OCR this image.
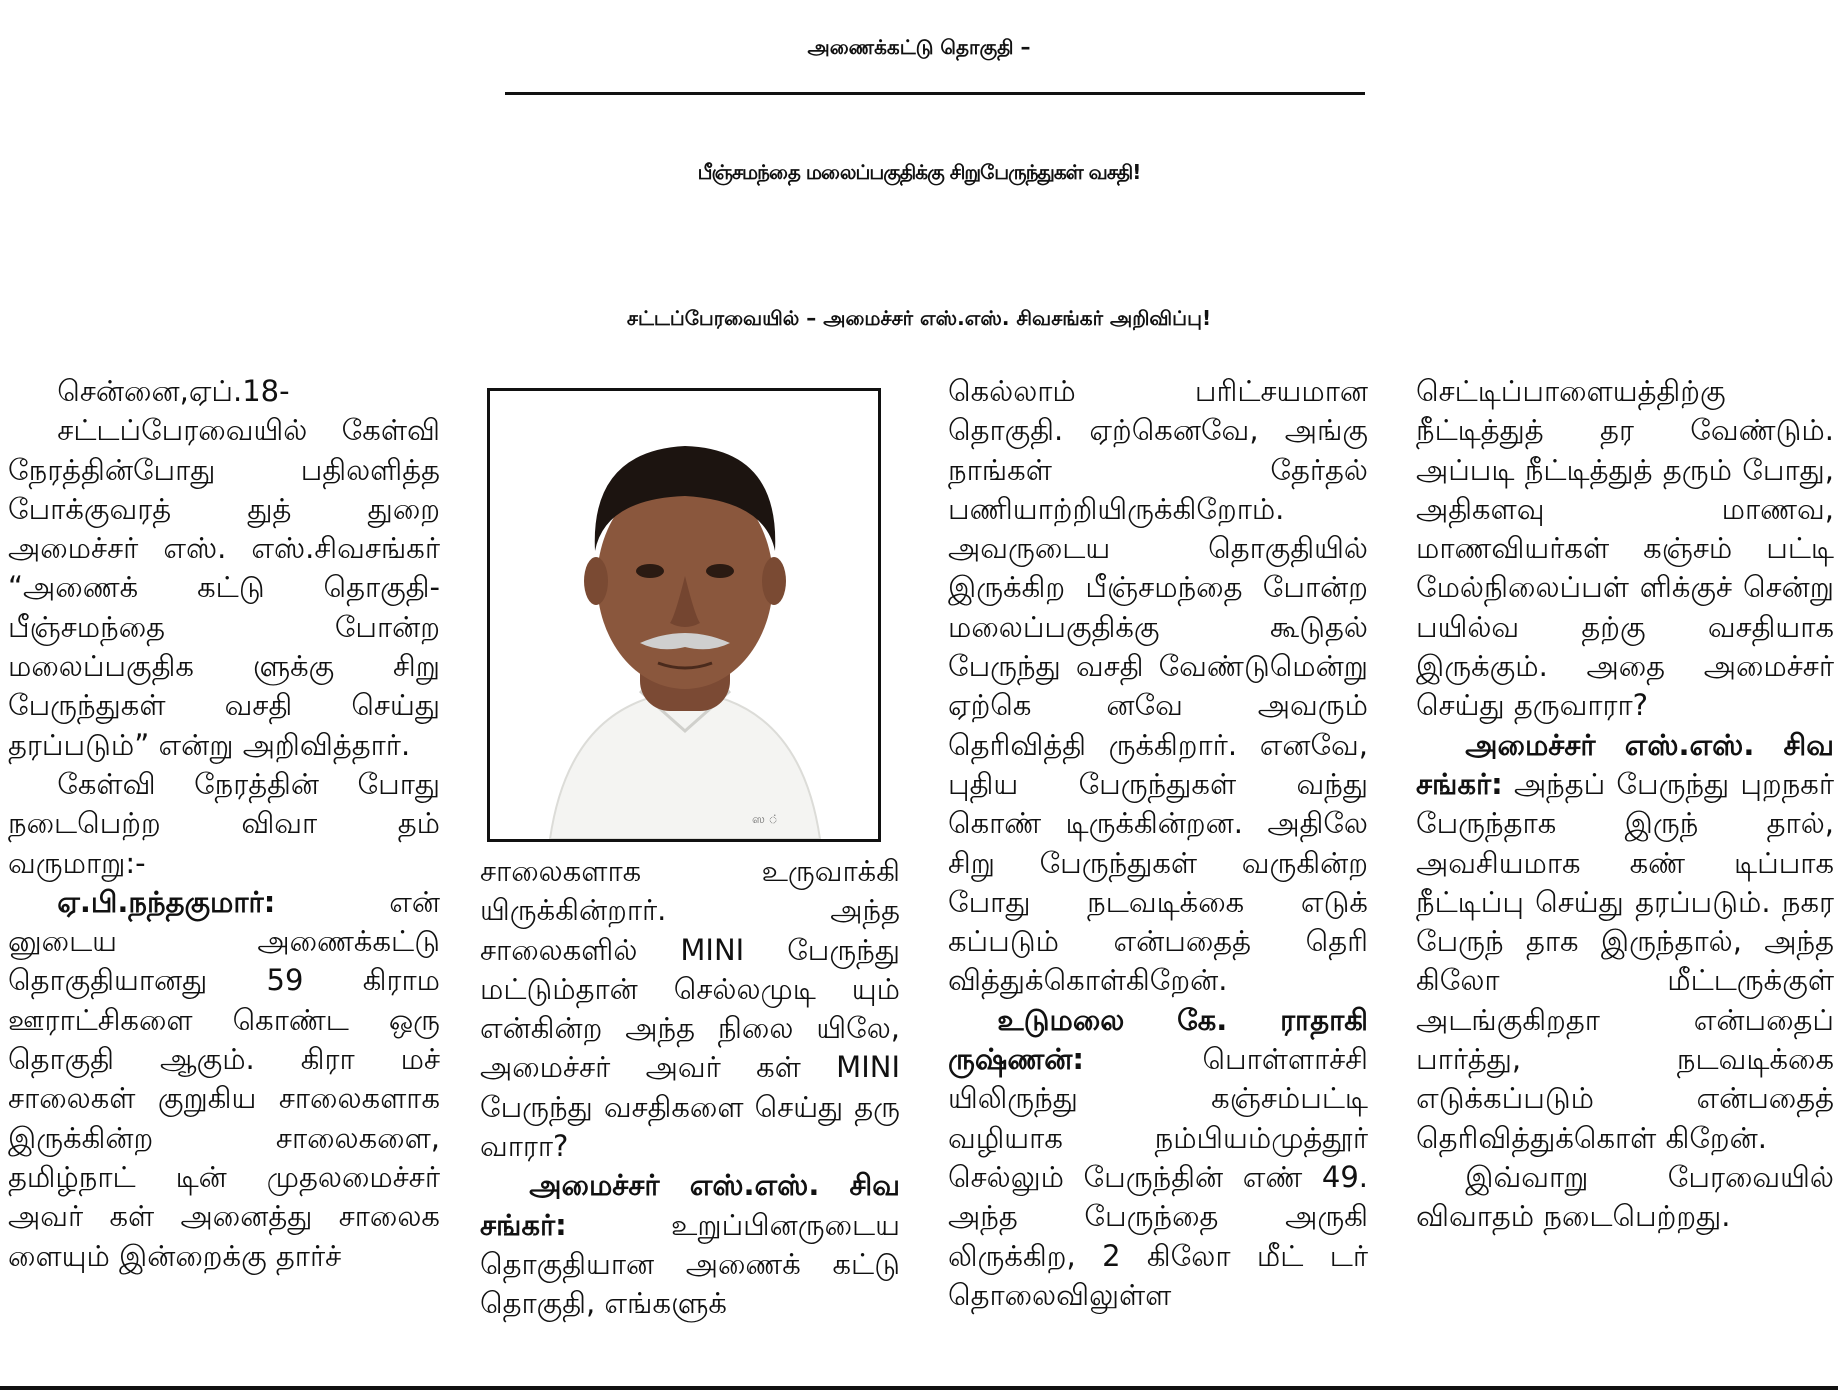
அணைக்கட்டு தொகுதி –
பீஞ்சமந்தை மலைப்பகுதிக்கு சிறுபேருந்துகள் வசதி!
சட்டப்பேரவையில் – அமைச்சர் எஸ்.எஸ். சிவசங்கர் அறிவிப்பு!

சென்னை,ஏப்.18-

சட்டப்பேரவையில் கேள்வி நேரத்தின்போது பதிலளித்த போக்குவரத் துத் துறை அமைச்சர் எஸ். எஸ்.சிவசங்கர் “அணைக் கட்டு தொகுதி-பீஞ்சமந்தை போன்ற மலைப்பகுதிக ளுக்கு சிறு பேருந்துகள் வசதி செய்து தரப்படும்” என்று அறிவித்தார்.

கேள்வி நேரத்தின் போது நடைபெற்ற விவா தம் வருமாறு:-

ஏ.பி.நந்தகுமார்:	என் னுடைய அணைக்கட்டு தொகுதியானது 59 கிராம ஊராட்சிகளை கொண்ட ஒரு தொகுதி ஆகும். கிரா மச் சாலைகள் குறுகிய சாலைகளாக இருக்கின்ற சாலைகளை, தமிழ்நாட் டின் முதலமைச்சர் அவர் கள் அனைத்து சாலைக ளையும் இன்றைக்கு தார்ச்

ஸ ்

சாலைகளாக உருவாக்கி யிருக்கின்றார். அந்த சாலைகளில் MINI பேருந்து மட்டும்தான் செல்லமுடி யும் என்கின்ற அந்த நிலை யிலே, அமைச்சர் அவர் கள் MINI பேருந்து வசதிகளை செய்து தரு வாரா?

அமைச்சர் எஸ்.எஸ். சிவ சங்கர்:	உறுப்பினருடைய தொகுதியான அணைக் கட்டு தொகுதி, எங்களுக்

கெல்லாம் பரிட்சயமான தொகுதி. ஏற்கெனவே, அங்கு நாங்கள் தேர்தல் பணியாற்றியிருக்கிறோம். அவருடைய தொகுதியில் இருக்கிற பீஞ்சமந்தை போன்ற மலைப்பகுதிக்கு கூடுதல் பேருந்து வசதி வேண்டுமென்று ஏற்கெ னவே அவரும் தெரிவித்தி ருக்கிறார். எனவே, புதிய பேருந்துகள் வந்து கொண் டிருக்கின்றன. அதிலே சிறு பேருந்துகள் வருகின்ற போது நடவடிக்கை எடுக் கப்படும் என்பதைத் தெரி வித்துக்கொள்கிறேன்.

உடுமலை கே. ராதாகி ருஷ்ணன்:	பொள்ளாச்சி யிலிருந்து கஞ்சம்பட்டி வழியாக நம்பியம்முத்தூர் செல்லும் பேருந்தின் எண் 49. அந்த பேருந்தை அருகி லிருக்கிற, 2 கிலோ மீட் டர் தொலைவிலுள்ள

செட்டிப்பாளையத்திற்கு நீட்டித்துத் தர வேண்டும். அப்படி நீட்டித்துத் தரும் போது, அதிகளவு மாணவ, மாணவியர்கள் கஞ்சம் பட்டி மேல்நிலைப்பள் ளிக்குச் சென்று பயில்வ தற்கு வசதியாக இருக்கும். அதை அமைச்சர் செய்து தருவாரா?

அமைச்சர் எஸ்.எஸ். சிவ சங்கர்: அந்தப் பேருந்து புறநகர் பேருந்தாக இருந் தால், அவசியமாக கண் டிப்பாக நீட்டிப்பு செய்து தரப்படும். நகர பேருந் தாக இருந்தால், அந்த கிலோ மீட்டருக்குள் அடங்குகிறதா என்பதைப் பார்த்து, நடவடிக்கை எடுக்கப்படும் என்பதைத் தெரிவித்துக்கொள் கிறேன்.

இவ்வாறு பேரவையில் விவாதம் நடைபெற்றது.
